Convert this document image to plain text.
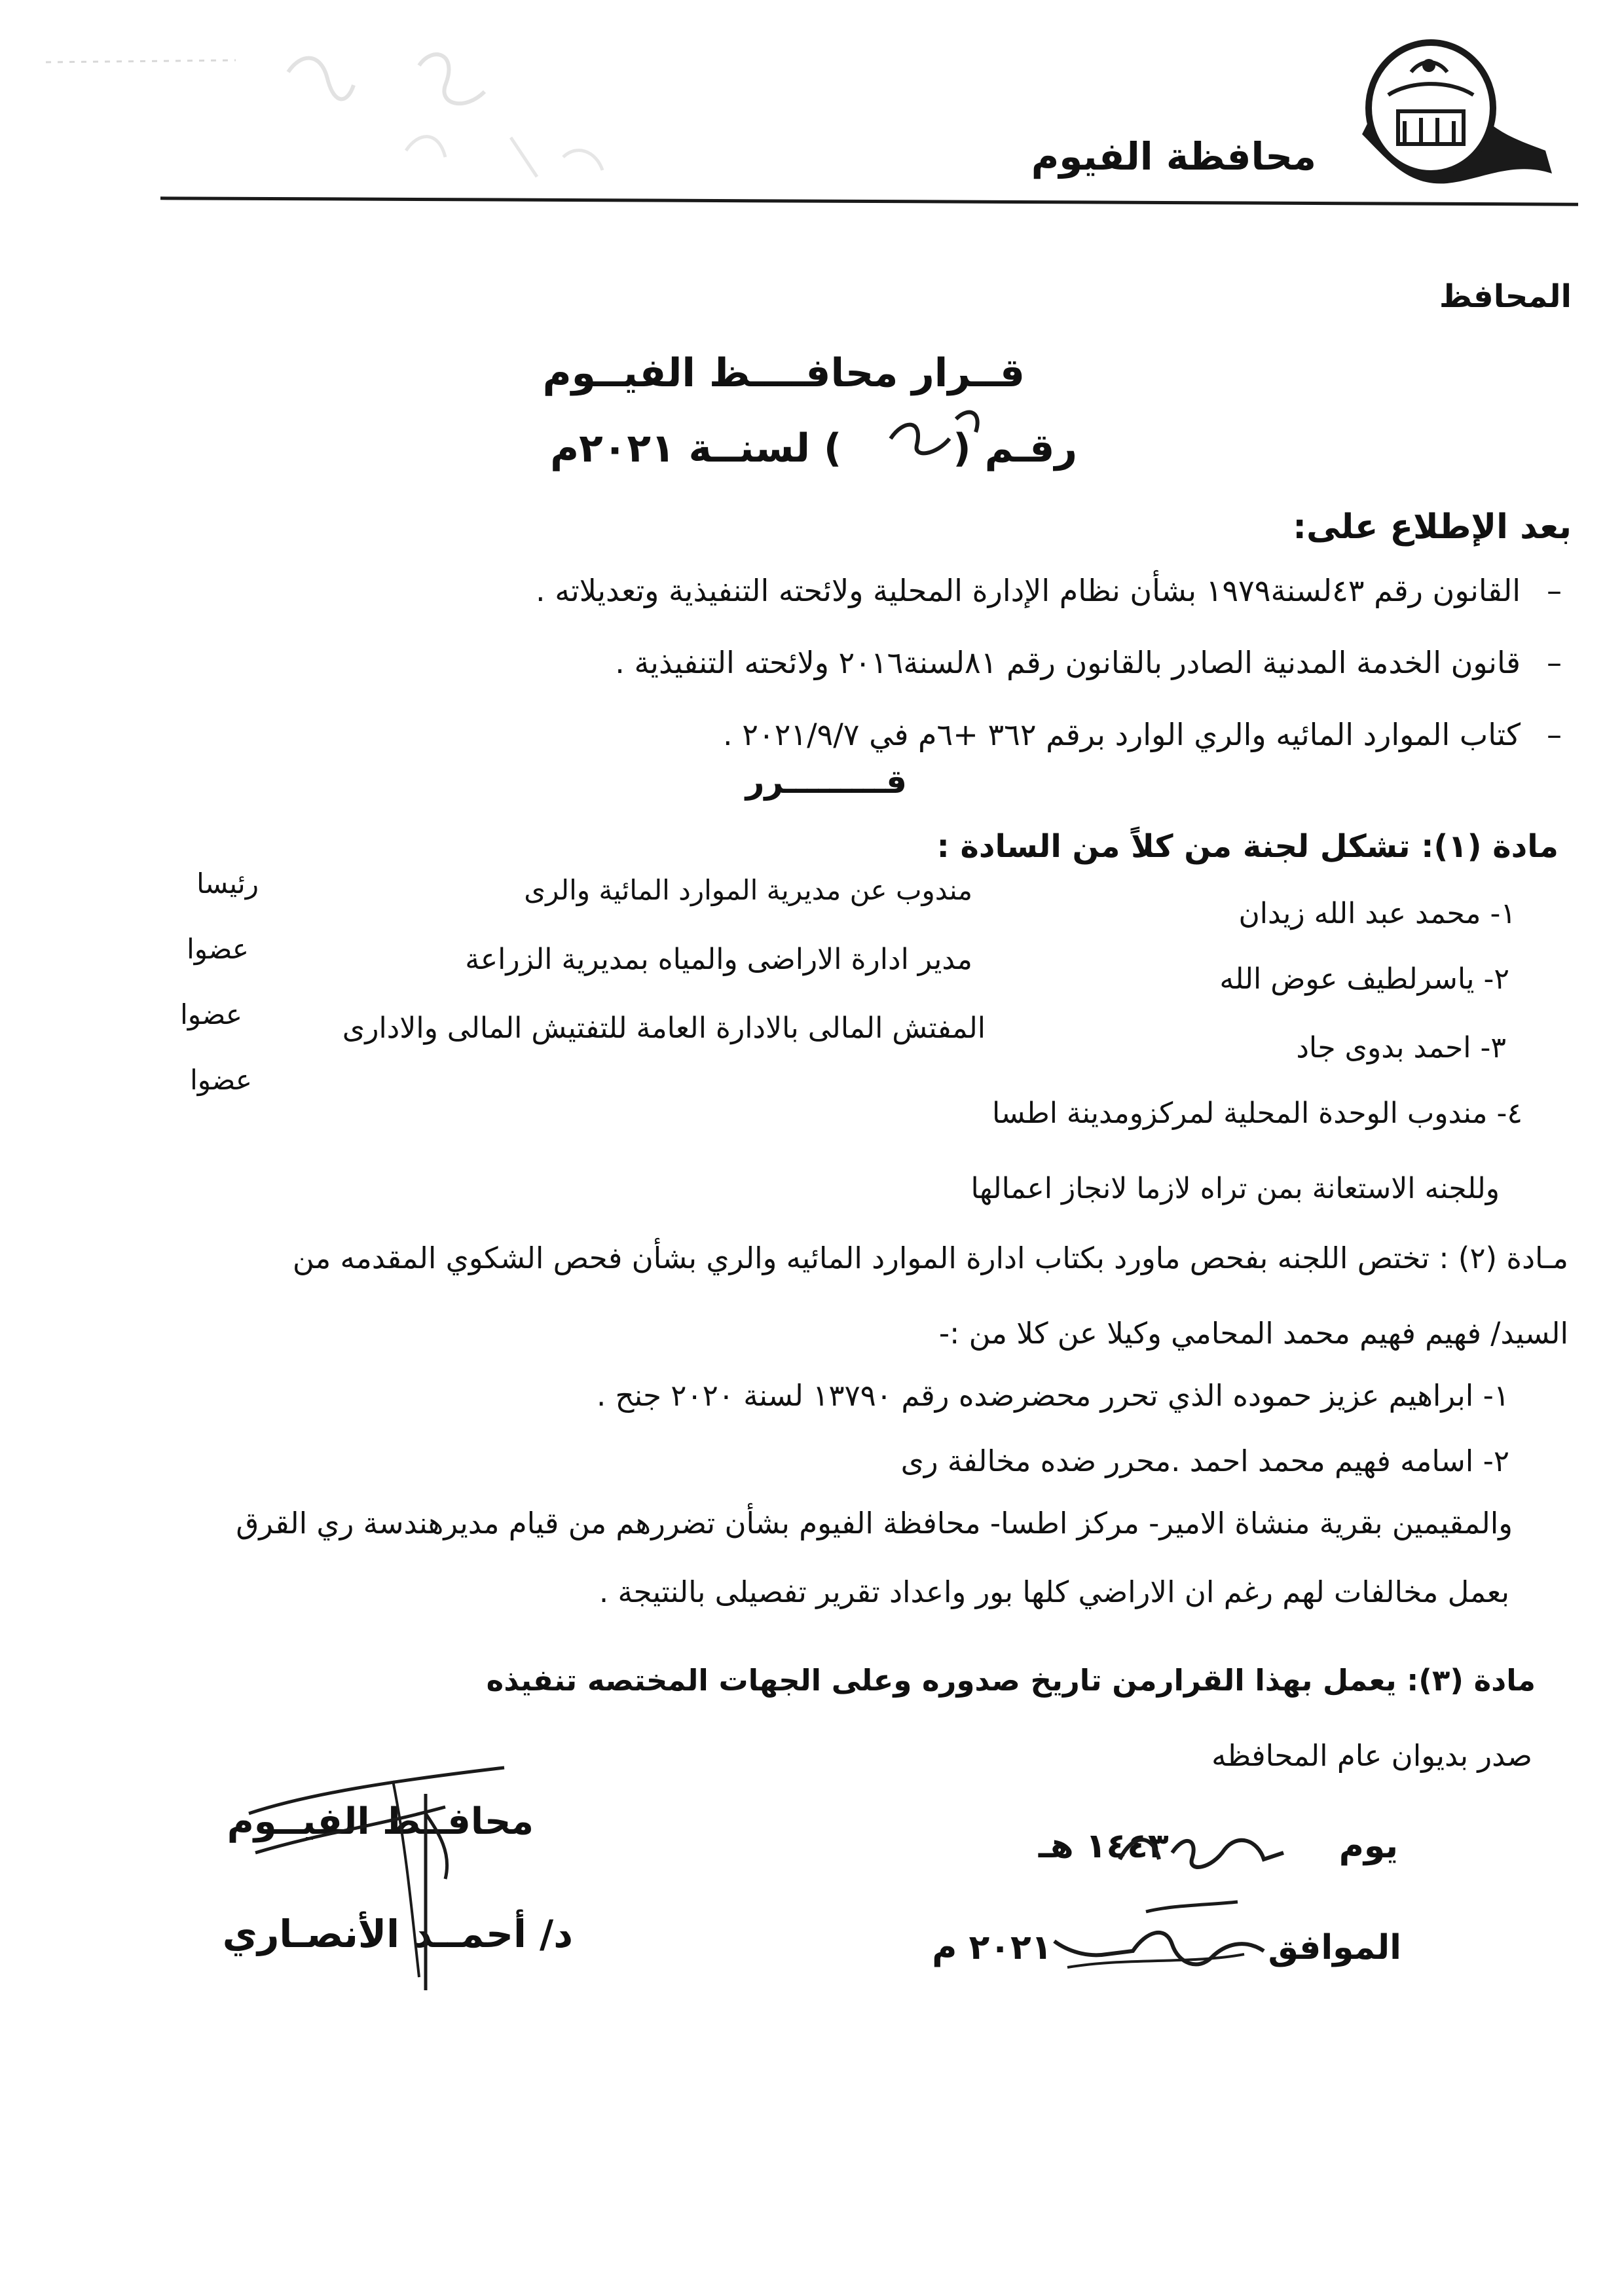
محافظة الفيوم
المحافظ
قــرار محافــــظ الفيــوم
رقـم () لسنــة ٢٠٢١م
بعد الإطلاع على:
–القانون رقم ٤٣لسنة١٩٧٩ بشأن نظام الإدارة المحلية ولائحته التنفيذية وتعديلاته .
–قانون الخدمة المدنية الصادر بالقانون رقم ٨١لسنة٢٠١٦ ولائحته التنفيذية .
–كتاب الموارد المائيه والري الوارد برقم ٣٦٢ +٦م في ٢٠٢١/٩/٧ .
قـــــــــرر
مادة (١): تشكل لجنة من كلاً من السادة :
١- محمد عبد الله زيدان
مندوب عن مديرية الموارد المائية والرى
رئيسا
٢- ياسرلطيف عوض الله
مدير ادارة الاراضى والمياه بمديرية الزراعة
عضوا
٣- احمد بدوى جاد
المفتش المالى بالادارة العامة للتفتيش المالى والادارى
عضوا
٤- مندوب الوحدة المحلية لمركزومدينة اطسا
عضوا
وللجنه الاستعانة بمن تراه لازما لانجاز اعمالها
مـادة (٢) : تختص اللجنه بفحص ماورد بكتاب ادارة الموارد المائيه والري بشأن فحص الشكوي المقدمه من
السيد/ فهيم فهيم محمد المحامي وكيلا عن كلا من :-
١- ابراهيم عزيز حموده الذي تحرر محضرضده رقم ١٣٧٩٠ لسنة ٢٠٢٠ جنح .
٢- اسامه فهيم محمد احمد .محرر ضده مخالفة رى
والمقيمين بقرية منشاة الامير- مركز اطسا- محافظة الفيوم بشأن تضررهم من قيام مديرهندسة ري القرق
بعمل مخالفات لهم رغم ان الاراضي كلها بور واعداد تقرير تفصيلى بالنتيجة .
مادة (٣): يعمل بهذا القرارمن تاريخ صدوره وعلى الجهات المختصه تنفيذه
صدر بديوان عام المحافظه
يوم١٤٤٣ هـ
الموافق٢٠٢١ م
محافــظ الفيــوم
د/ أحمــد الأنصـاري
